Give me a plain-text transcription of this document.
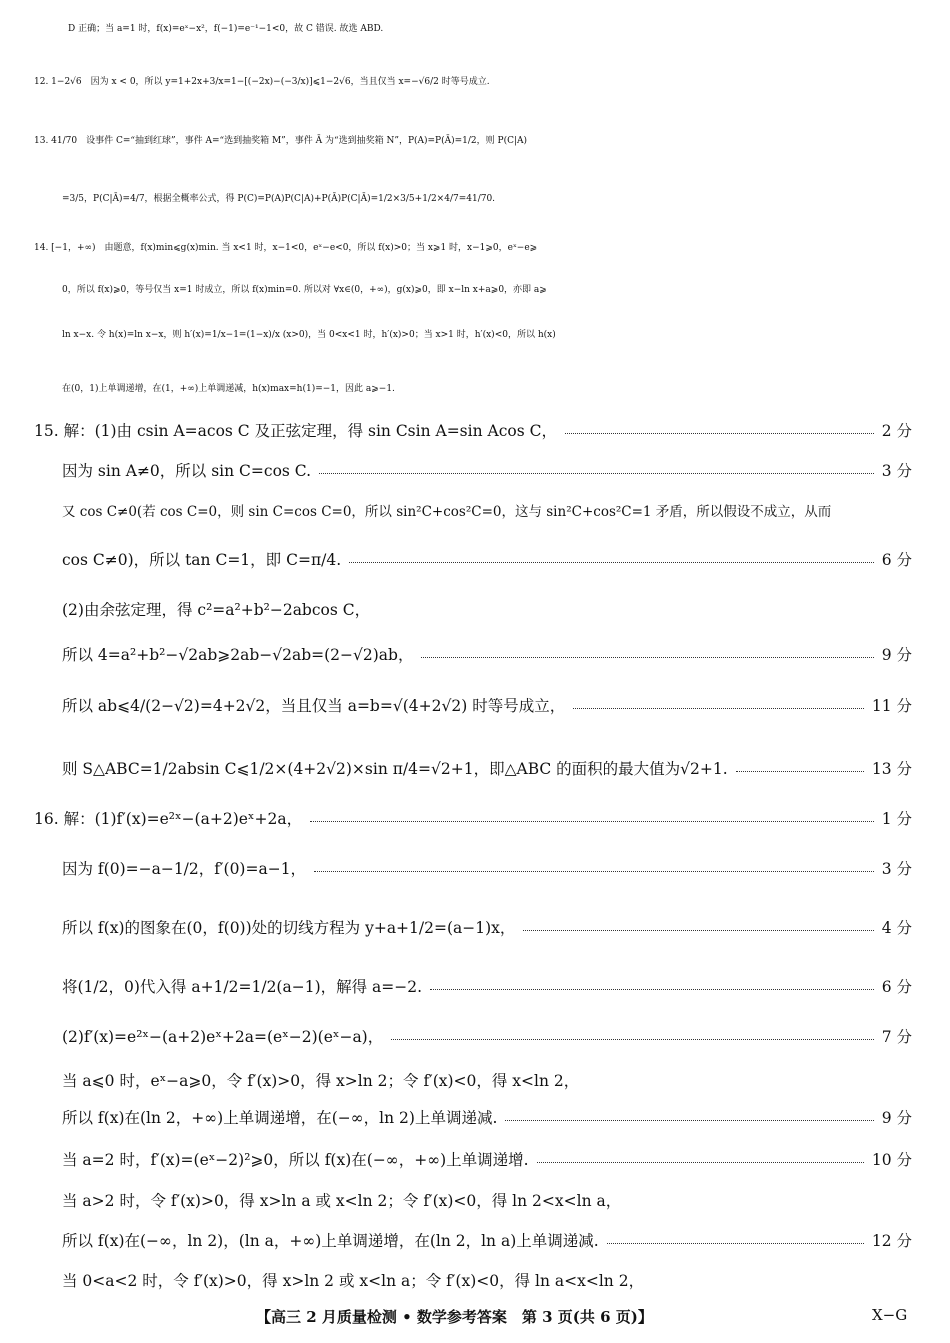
D 正确；当 a=1 时，f(x)=eˣ−x²，f(−1)=e⁻¹−1<0，故 C 错误. 故选 ABD.
12. 1−2√6　因为 x < 0，所以 y=1+2x+3/x=1−[(−2x)−(−3/x)]⩽1−2√6，当且仅当 x=−√6/2 时等号成立.
13. 41/70　设事件 C=“抽到红球”，事件 A=“选到抽奖箱 M”，事件 Ā 为“选到抽奖箱 N”，P(A)=P(Ā)=1/2，则 P(C|A)
=3/5，P(C|Ā)=4/7，根据全概率公式，得 P(C)=P(A)P(C|A)+P(Ā)P(C|Ā)=1/2×3/5+1/2×4/7=41/70.
14. [−1，+∞)　由题意，f(x)min⩽g(x)min. 当 x<1 时，x−1<0，eˣ−e<0，所以 f(x)>0；当 x⩾1 时，x−1⩾0，eˣ−e⩾
0，所以 f(x)⩾0，等号仅当 x=1 时成立，所以 f(x)min=0. 所以对 ∀x∈(0，+∞)，g(x)⩾0，即 x−ln x+a⩾0，亦即 a⩾
ln x−x. 令 h(x)=ln x−x，则 h′(x)=1/x−1=(1−x)/x (x>0)，当 0<x<1 时，h′(x)>0；当 x>1 时，h′(x)<0，所以 h(x)
在(0，1)上单调递增，在(1，+∞)上单调递减，h(x)max=h(1)=−1，因此 a⩾−1.
15. 解：(1)由 csin A=acos C 及正弦定理，得 sin Csin A=sin Acos C，	2 分
因为 sin A≠0，所以 sin C=cos C.	3 分
又 cos C≠0(若 cos C=0，则 sin C=cos C=0，所以 sin²C+cos²C=0，这与 sin²C+cos²C=1 矛盾，所以假设不成立，从而
cos C≠0)，所以 tan C=1，即 C=π/4.	6 分
(2)由余弦定理，得 c²=a²+b²−2abcos C，
所以 4=a²+b²−√2ab⩾2ab−√2ab=(2−√2)ab，	9 分
所以 ab⩽4/(2−√2)=4+2√2，当且仅当 a=b=√(4+2√2) 时等号成立，	11 分
则 S△ABC=1/2absin C⩽1/2×(4+2√2)×sin π/4=√2+1，即△ABC 的面积的最大值为√2+1.	13 分
16. 解：(1)f′(x)=e²ˣ−(a+2)eˣ+2a，	1 分
因为 f(0)=−a−1/2，f′(0)=a−1，	3 分
所以 f(x)的图象在(0，f(0))处的切线方程为 y+a+1/2=(a−1)x，	4 分
将(1/2，0)代入得 a+1/2=1/2(a−1)，解得 a=−2.	6 分
(2)f′(x)=e²ˣ−(a+2)eˣ+2a=(eˣ−2)(eˣ−a)，	7 分
当 a⩽0 时，eˣ−a⩾0，令 f′(x)>0，得 x>ln 2；令 f′(x)<0，得 x<ln 2，
所以 f(x)在(ln 2，+∞)上单调递增，在(−∞，ln 2)上单调递减.	9 分
当 a=2 时，f′(x)=(eˣ−2)²⩾0，所以 f(x)在(−∞，+∞)上单调递增.	10 分
当 a>2 时，令 f′(x)>0，得 x>ln a 或 x<ln 2；令 f′(x)<0，得 ln 2<x<ln a，
所以 f(x)在(−∞，ln 2)，(ln a，+∞)上单调递增，在(ln 2，ln a)上单调递减.	12 分
当 0<a<2 时，令 f′(x)>0，得 x>ln 2 或 x<ln a；令 f′(x)<0，得 ln a<x<ln 2，
【高三 2 月质量检测 • 数学参考答案　第 3 页(共 6 页)】	X−G
